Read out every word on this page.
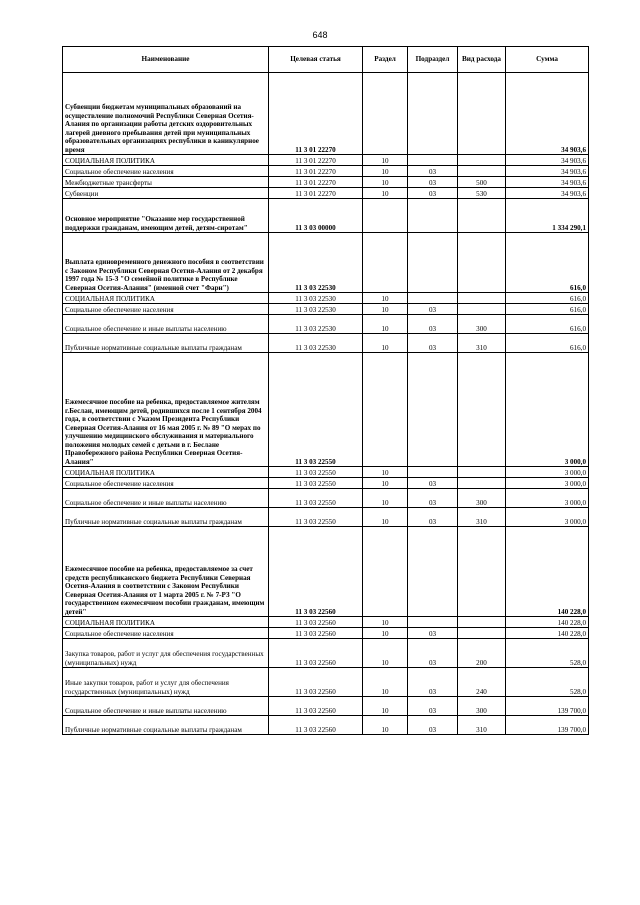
648
Наименование	Целевая статья	Раздел	Подраздел	Вид расхода	Сумма
Субвенции бюджетам муниципальных образований на осуществление полномочий Республики Северная Осетия-Алания по организации работы детских оздоровительных лагерей дневного пребывания детей при муниципальных образовательных организациях республики в каникулярное время	11 3 01 22270				34 903,6
СОЦИАЛЬНАЯ ПОЛИТИКА	11 3 01 22270	10			34 903,6
Социальное обеспечение населения	11 3 01 22270	10	03		34 903,6
Межбюджетные трансферты	11 3 01 22270	10	03	500	34 903,6
Субвенции	11 3 01 22270	10	03	530	34 903,6
Основное мероприятие "Оказание мер государственной поддержки гражданам, имеющим детей, детям-сиротам"	11 3 03 00000				1 334 290,1
Выплата единовременного денежного пособия в соответствии с Законом Республики Северная Осетия-Алания от 2 декабря 1997 года № 15-З "О семейной политике в Республике Северная Осетия-Алания" (именной счет "Фарн")	11 3 03 22530				616,0
СОЦИАЛЬНАЯ ПОЛИТИКА	11 3 03 22530	10			616,0
Социальное обеспечение населения	11 3 03 22530	10	03		616,0
Социальное обеспечение и иные выплаты населению	11 3 03 22530	10	03	300	616,0
Публичные нормативные социальные выплаты гражданам	11 3 03 22530	10	03	310	616,0
Ежемесячное пособие на ребенка, предоставляемое жителям г.Беслан, имеющим детей, родившихся после 1 сентября 2004 года, в соответствии с Указом Президента Республики Северная Осетия-Алания от 16 мая 2005 г. № 89 "О мерах по улучшению медицинского обслуживания и материального положения молодых семей с детьми в г. Беслане Правобережного района Республики Северная Осетия-Алания"	11 3 03 22550				3 000,0
СОЦИАЛЬНАЯ ПОЛИТИКА	11 3 03 22550	10			3 000,0
Социальное обеспечение населения	11 3 03 22550	10	03		3 000,0
Социальное обеспечение и иные выплаты населению	11 3 03 22550	10	03	300	3 000,0
Публичные нормативные социальные выплаты гражданам	11 3 03 22550	10	03	310	3 000,0
Ежемесячное пособие на ребенка, предоставляемое за счет средств республиканского бюджета Республики Северная Осетия-Алания в соответствии с Законом Республики Северная Осетия-Алания от 1 марта 2005 г. № 7-РЗ "О государственном ежемесячном пособии гражданам, имеющим детей"	11 3 03 22560				140 228,0
СОЦИАЛЬНАЯ ПОЛИТИКА	11 3 03 22560	10			140 228,0
Социальное обеспечение населения	11 3 03 22560	10	03		140 228,0
Закупка товаров, работ и услуг для обеспечения государственных (муниципальных) нужд	11 3 03 22560	10	03	200	528,0
Иные закупки товаров, работ и услуг для обеспечения государственных (муниципальных) нужд	11 3 03 22560	10	03	240	528,0
Социальное обеспечение и иные выплаты населению	11 3 03 22560	10	03	300	139 700,0
Публичные нормативные социальные выплаты гражданам	11 3 03 22560	10	03	310	139 700,0
